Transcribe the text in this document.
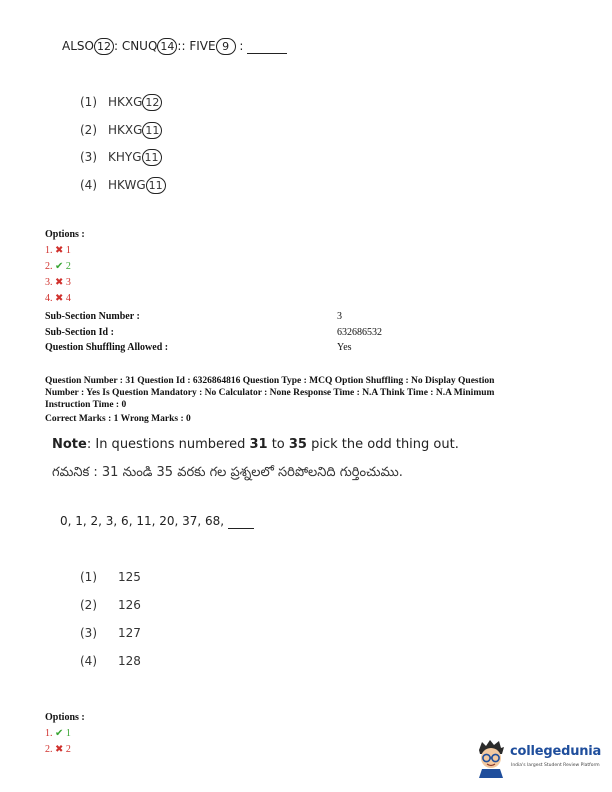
ALSO 12 : CNUQ 14 :: FIVE 9 :
(1) HKXG 12
(2) HKXG 11
(3) KHYG 11
(4) HKWG 11
Options :
1. ✖ 1
2. ✔ 2
3. ✖ 3
4. ✖ 4
Sub-Section Number :	3
Sub-Section Id :	632686532
Question Shuffling Allowed :	Yes
Question Number : 31 Question Id : 6326864816 Question Type : MCQ Option Shuffling : No Display Question
Number : Yes Is Question Mandatory : No Calculator : None Response Time : N.A Think Time : N.A Minimum
Instruction Time : 0
Correct Marks : 1 Wrong Marks : 0
Note: In questions numbered 31 to 35 pick the odd thing out.
గమనిక : 31 నుండి 35 వరకు గల ప్రశ్నలలో సరిపోలనిది గుర్తించుము.
0, 1, 2, 3, 6, 11, 20, 37, 68,
(1) 125
(2) 126
(3) 127
(4) 128
Options :
1. ✔ 1
2. ✖ 2	collegedunia
India's largest Student Review Platform
